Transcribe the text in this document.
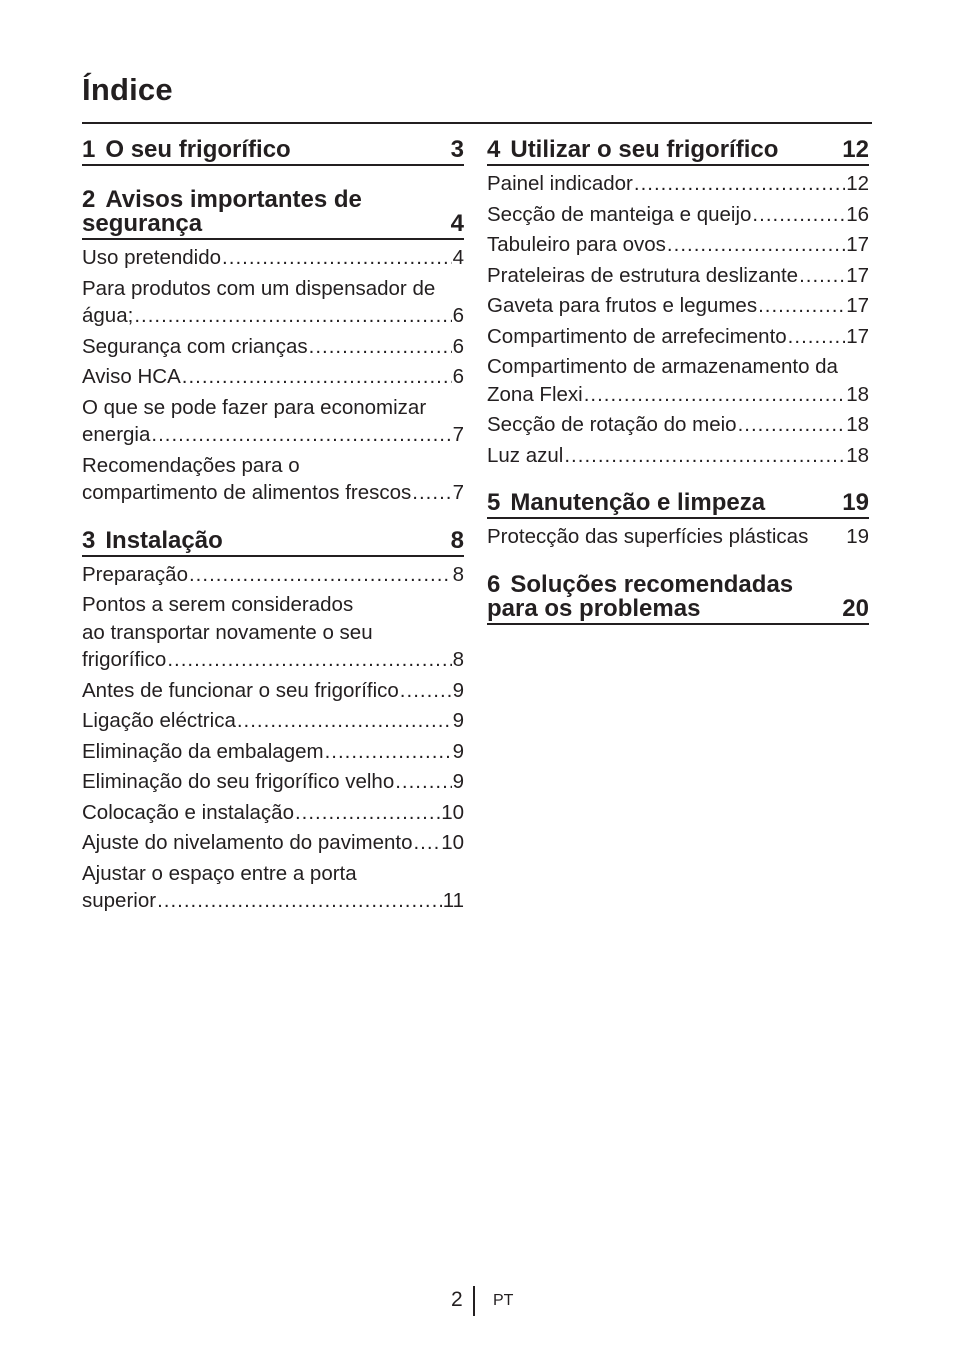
Índice
1 O seu frigorífico	3
2 Avisos importantes de
segurança	4
Uso pretendido .....	4
Para produtos com um dispensador de
água; .....	6
Segurança com crianças .....	6
Aviso HCA .....	6
O que se pode fazer para economizar
energia .....	7
Recomendações para o
compartimento de alimentos frescos ..... 7
3 Instalação	8
Preparação .....	8
Pontos a serem considerados
ao transportar novamente o seu
frigorífico .....	8
Antes de funcionar o seu frigorífico .....	9
Ligação eléctrica .....	9
Eliminação da embalagem .....	9
Eliminação do seu frigorífico velho .....	9
Colocação e instalação .....	10
Ajuste do nivelamento do pavimento ..... 10
Ajustar o espaço entre a porta
superior .....	11
4 Utilizar o seu frigorífico	12
Painel indicador .....	12
Secção de manteiga e queijo .....	16
Tabuleiro para ovos .....	17
Prateleiras de estrutura deslizante ..... 17
Gaveta para frutos e legumes .....	17
Compartimento de arrefecimento .....	17
Compartimento de armazenamento da
Zona Flexi .....	18
Secção de rotação do meio .....	18
Luz azul .....	18
5 Manutenção e limpeza	19
Protecção das superfícies plásticas 19
6 Soluções recomendadas
para os problemas	20
2 PT
